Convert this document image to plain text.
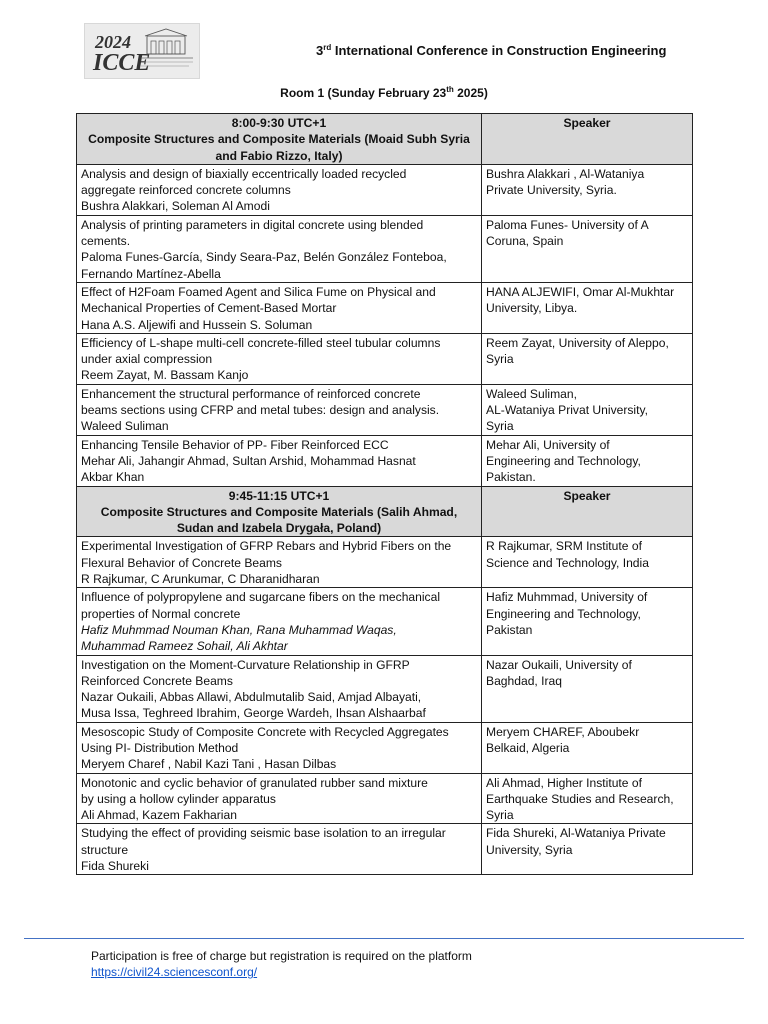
2024
ICCE	3rd International Conference in Construction Engineering
Room 1 (Sunday February 23th 2025)
8:00-9:30 UTC+1
Composite Structures and Composite Materials (Moaid Subh Syria
and Fabio Rizzo, Italy)	Speaker

Analysis and design of biaxially eccentrically loaded recycled
aggregate reinforced concrete columns
Bushra Alakkari, Soleman Al Amodi	Bushra Alakkari , Al-Wataniya
Private University, Syria.

Analysis of printing parameters in digital concrete using blended
cements.
Paloma Funes-García, Sindy Seara-Paz, Belén González Fonteboa,
Fernando Martínez-Abella	Paloma Funes- University of A
Coruna, Spain

Effect of H2Foam Foamed Agent and Silica Fume on Physical and
Mechanical Properties of Cement-Based Mortar
Hana A.S. Aljewifi and Hussein S. Soluman	HANA ALJEWIFI, Omar Al-Mukhtar
University, Libya.

Efficiency of L-shape multi-cell concrete-filled steel tubular columns
under axial compression
Reem Zayat, M. Bassam Kanjo	Reem Zayat, University of Aleppo,
Syria

Enhancement the structural performance of reinforced concrete
beams sections using CFRP and metal tubes: design and analysis.
Waleed Suliman	Waleed Suliman,
AL-Wataniya Privat University,
Syria

Enhancing Tensile Behavior of PP- Fiber Reinforced ECC
Mehar Ali, Jahangir Ahmad, Sultan Arshid, Mohammad Hasnat
Akbar Khan	Mehar Ali, University of
Engineering and Technology,
Pakistan.

9:45-11:15 UTC+1
Composite Structures and Composite Materials (Salih Ahmad,
Sudan and Izabela Drygała, Poland)	Speaker

Experimental Investigation of GFRP Rebars and Hybrid Fibers on the
Flexural Behavior of Concrete Beams
R Rajkumar, C Arunkumar, C Dharanidharan	R Rajkumar, SRM Institute of
Science and Technology, India

Influence of polypropylene and sugarcane fibers on the mechanical
properties of Normal concrete
Hafiz Muhmmad Nouman Khan, Rana Muhammad Waqas,
Muhammad Rameez Sohail, Ali Akhtar	Hafiz Muhmmad, University of
Engineering and Technology,
Pakistan

Investigation on the Moment-Curvature Relationship in GFRP
Reinforced Concrete Beams
Nazar Oukaili, Abbas Allawi, Abdulmutalib Said, Amjad Albayati,
Musa Issa, Teghreed Ibrahim, George Wardeh, Ihsan Alshaarbaf	Nazar Oukaili, University of
Baghdad, Iraq

Mesoscopic Study of Composite Concrete with Recycled Aggregates
Using PI- Distribution Method
Meryem Charef , Nabil Kazi Tani , Hasan Dilbas	Meryem CHAREF, Aboubekr
Belkaid, Algeria

Monotonic and cyclic behavior of granulated rubber sand mixture
by using a hollow cylinder apparatus
Ali Ahmad, Kazem Fakharian	Ali Ahmad, Higher Institute of
Earthquake Studies and Research,
Syria

Studying the effect of providing seismic base isolation to an irregular
structure
Fida Shureki	Fida Shureki, Al-Wataniya Private
University, Syria
Participation is free of charge but registration is required on the platform
https://civil24.sciencesconf.org/
